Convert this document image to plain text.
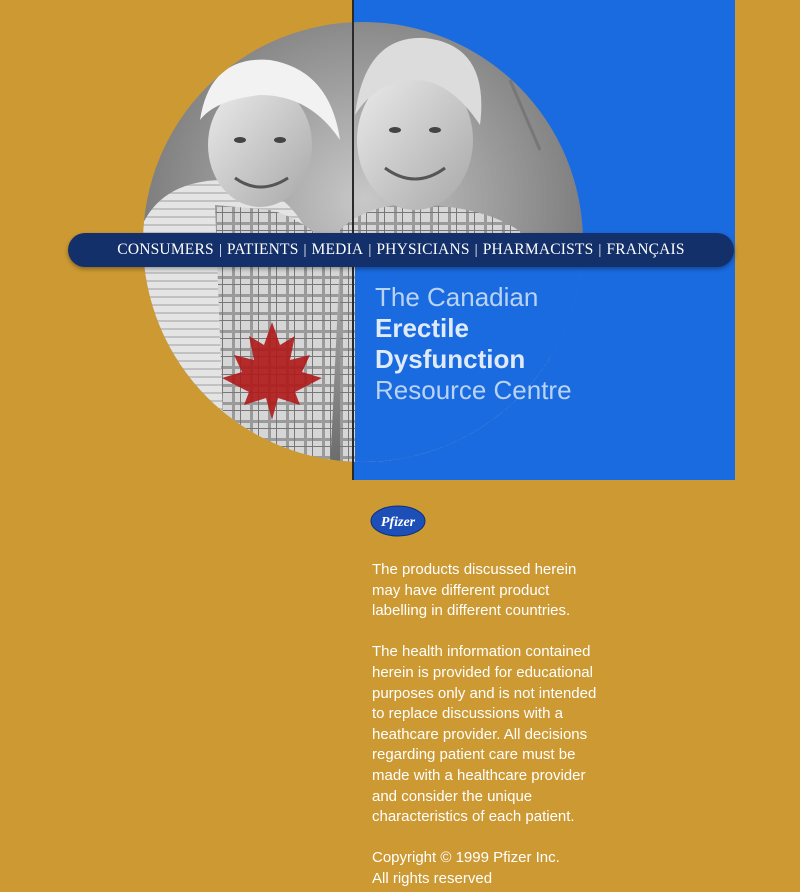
CONSUMERS | PATIENTS | MEDIA | PHYSICIANS | PHARMACISTS | FRANÇAIS
The Canadian
Erectile
Dysfunction
Resource Centre
Pfizer

The products discussed herein
may have different product
labelling in different countries.

The health information contained
herein is provided for educational
purposes only and is not intended
to replace discussions with a
heathcare provider. All decisions
regarding patient care must be
made with a healthcare provider
and consider the unique
characteristics of each patient.

Copyright © 1999 Pfizer Inc.
All rights reserved
